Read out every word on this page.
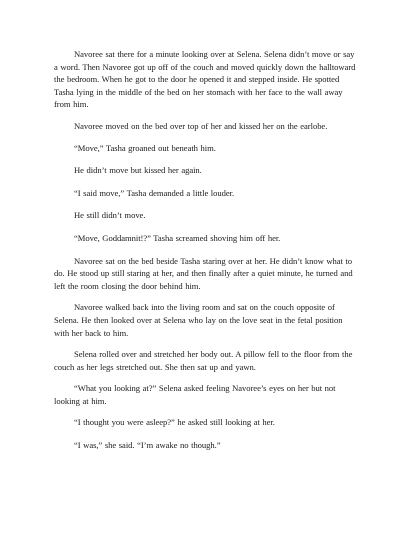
Navoree sat there for a minute looking over at Selena. Selena didn’t move or say a word. Then Navoree got up off of the couch and moved quickly down the halltoward the bedroom. When he got to the door he opened it and stepped inside. He spotted Tasha lying in the middle of the bed on her stomach with her face to the wall away from him.

Navoree moved on the bed over top of her and kissed her on the earlobe.

“Move,” Tasha groaned out beneath him.

He didn’t move but kissed her again.

“I said move,” Tasha demanded a little louder.

He still didn’t move.

“Move, Goddamnit!?” Tasha screamed shoving him off her.

Navoree sat on the bed beside Tasha staring over at her. He didn’t know what to do. He stood up still staring at her, and then finally after a quiet minute, he turned and left the room closing the door behind him.

Navoree walked back into the living room and sat on the couch opposite of Selena. He then looked over at Selena who lay on the love seat in the fetal position with her back to him.

Selena rolled over and stretched her body out. A pillow fell to the floor from the couch as her legs stretched out. She then sat up and yawn.

“What you looking at?” Selena asked feeling Navoree’s eyes on her but not looking at him.

“I thought you were asleep?” he asked still looking at her.

“I was,” she said. “I’m awake no though.”
